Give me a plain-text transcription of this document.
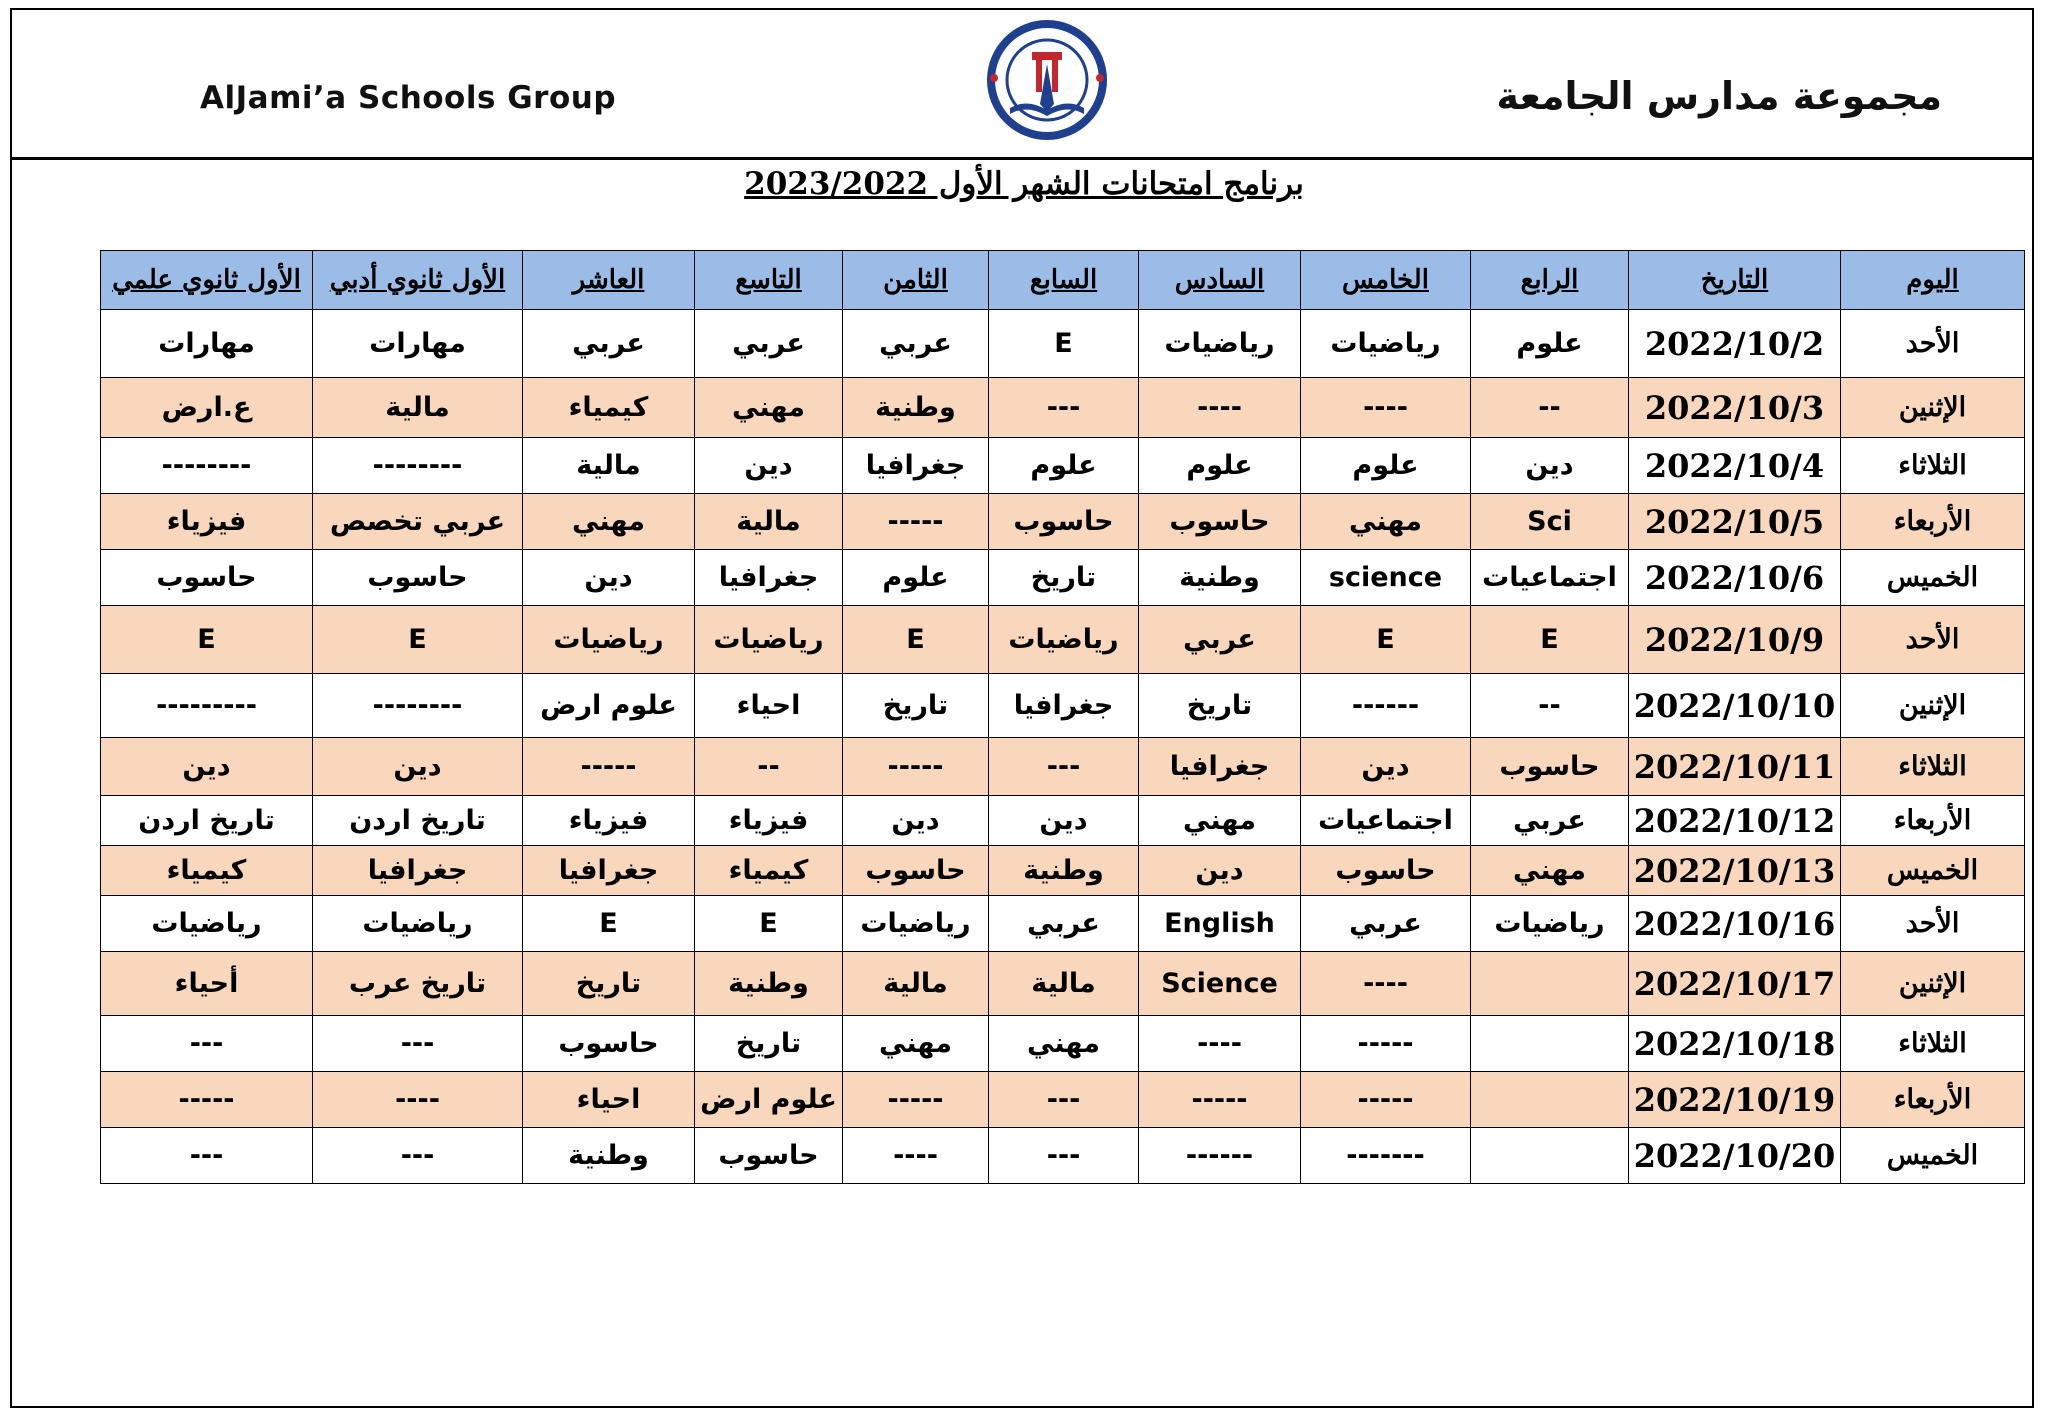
AlJami’a Schools Group	مجموعة مدارس الجامعة
برنامج امتحانات الشهر الأول 2023/2022
اليوم	التاريخ	الرابع	الخامس	السادس	السابع	الثامن	التاسع	العاشر	الأول ثانوي أدبي	الأول ثانوي علمي
الأحد	2022/10/2	علوم	رياضيات	رياضيات	E	عربي	عربي	عربي	مهارات	مهارات
الإثنين	2022/10/3	--	----	----	---	وطنية	مهني	كيمياء	مالية	ع.ارض
الثلاثاء	2022/10/4	دين	علوم	علوم	علوم	جغرافيا	دين	مالية	--------	--------
الأربعاء	2022/10/5	Sci	مهني	حاسوب	حاسوب	-----	مالية	مهني	عربي تخصص	فيزياء
الخميس	2022/10/6	اجتماعيات	science	وطنية	تاريخ	علوم	جغرافيا	دين	حاسوب	حاسوب
الأحد	2022/10/9	E	E	عربي	رياضيات	E	رياضيات	رياضيات	E	E
الإثنين	2022/10/10	--	------	تاريخ	جغرافيا	تاريخ	احياء	علوم ارض	--------	---------
الثلاثاء	2022/10/11	حاسوب	دين	جغرافيا	---	-----	--	-----	دين	دين
الأربعاء	2022/10/12	عربي	اجتماعيات	مهني	دين	دين	فيزياء	فيزياء	تاريخ اردن	تاريخ اردن
الخميس	2022/10/13	مهني	حاسوب	دين	وطنية	حاسوب	كيمياء	جغرافيا	جغرافيا	كيمياء
الأحد	2022/10/16	رياضيات	عربي	English	عربي	رياضيات	E	E	رياضيات	رياضيات
الإثنين	2022/10/17		----	Science	مالية	مالية	وطنية	تاريخ	تاريخ عرب	أحياء
الثلاثاء	2022/10/18		-----	----	مهني	مهني	تاريخ	حاسوب	---	---
الأربعاء	2022/10/19		-----	-----	---	-----	علوم ارض	احياء	----	-----
الخميس	2022/10/20		-------	------	---	----	حاسوب	وطنية	---	---
